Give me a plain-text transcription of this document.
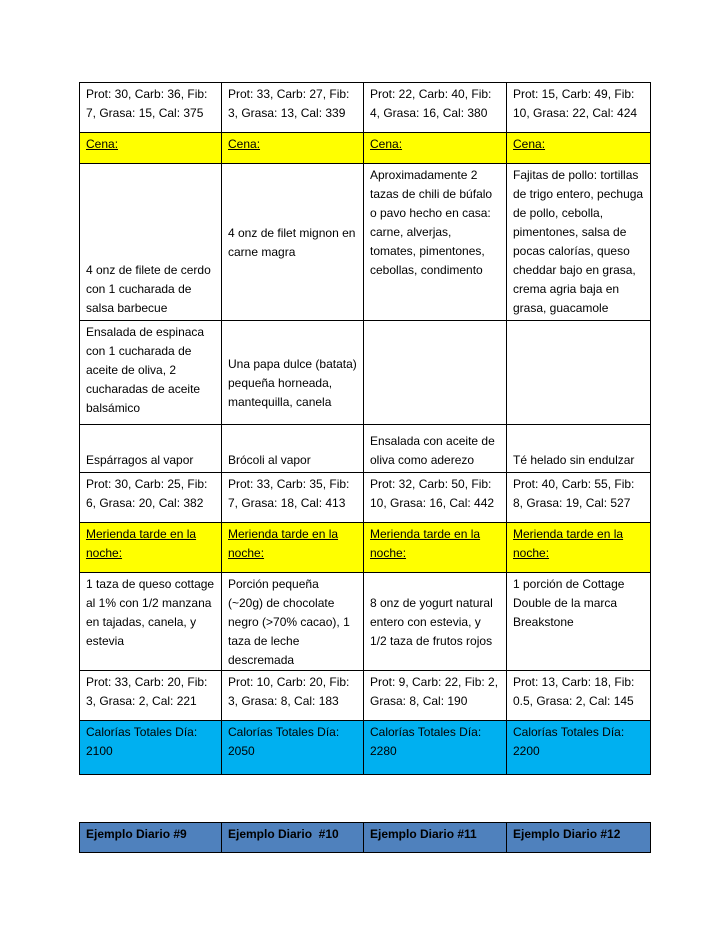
Prot: 30, Carb: 36, Fib: 7, Grasa: 15, Cal: 375	Prot: 33, Carb: 27, Fib: 3, Grasa: 13, Cal: 339	Prot: 22, Carb: 40, Fib: 4, Grasa: 16, Cal: 380	Prot: 15, Carb: 49, Fib: 10, Grasa: 22, Cal: 424
Cena:	Cena:	Cena:	Cena:
4 onz de filete de cerdo con 1 cucharada de salsa barbecue	4 onz de filet mignon en carne magra	Aproximadamente 2 tazas de chili de búfalo o pavo hecho en casa: carne, alverjas, tomates, pimentones, cebollas, condimento	Fajitas de pollo: tortillas de trigo entero, pechuga de pollo, cebolla, pimentones, salsa de pocas calorías, queso cheddar bajo en grasa, crema agria baja en grasa, guacamole
Ensalada de espinaca con 1 cucharada de aceite de oliva, 2 cucharadas de aceite balsámico	Una papa dulce (batata) pequeña horneada, mantequilla, canela		
Espárragos al vapor	Brócoli al vapor	Ensalada con aceite de oliva como aderezo	Té helado sin endulzar
Prot: 30, Carb: 25, Fib: 6, Grasa: 20, Cal: 382	Prot: 33, Carb: 35, Fib: 7, Grasa: 18, Cal: 413	Prot: 32, Carb: 50, Fib: 10, Grasa: 16, Cal: 442	Prot: 40, Carb: 55, Fib: 8, Grasa: 19, Cal: 527
Merienda tarde en la noche:	Merienda tarde en la noche:	Merienda tarde en la noche:	Merienda tarde en la noche:
1 taza de queso cottage al 1% con 1/2 manzana en tajadas, canela, y estevia	Porción pequeña (~20g) de chocolate negro (>70% cacao), 1 taza de leche descremada	8 onz de yogurt natural entero con estevia, y 1/2 taza de frutos rojos	1 porción de Cottage Double de la marca Breakstone
Prot: 33, Carb: 20, Fib: 3, Grasa: 2, Cal: 221	Prot: 10, Carb: 20, Fib: 3, Grasa: 8, Cal: 183	Prot: 9, Carb: 22, Fib: 2, Grasa: 8, Cal: 190	Prot: 13, Carb: 18, Fib: 0.5, Grasa: 2, Cal: 145
Calorías Totales Día: 2100	Calorías Totales Día: 2050	Calorías Totales Día: 2280	Calorías Totales Día: 2200
Ejemplo Diario #9	Ejemplo Diario  #10	Ejemplo Diario #11	Ejemplo Diario #12
